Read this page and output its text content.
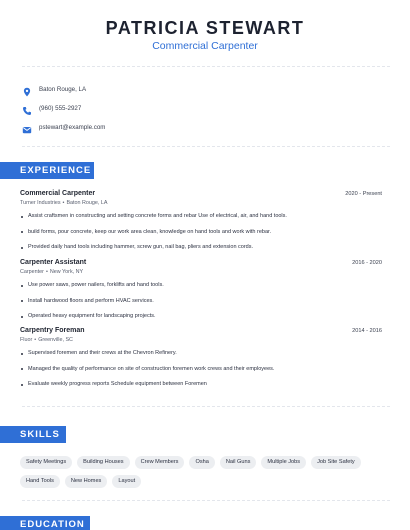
PATRICIA STEWART
Commercial Carpenter
Baton Rouge, LA
(960) 555-2927
pstewart@example.com
EXPERIENCE
Commercial Carpenter	2020 - Present
Turner Industries • Baton Rouge, LA
Assist craftsmen in constructing and setting concrete forms and rebar Use of electrical, air, and hand tools.
build forms, pour concrete, keep our work area clean, knowledge on hand tools and work with rebar.
Provided daily hand tools including hammer, screw gun, nail bag, pliers and extension cords.
Carpenter Assistant	2016 - 2020
Carpenter • New York, NY
Use power saws, power nailers, forklifts and hand tools.
Install hardwood floors and perform HVAC services.
Operated heavy equipment for landscaping projects.
Carpentry Foreman	2014 - 2016
Fluor • Greenville, SC
Supervised foremen and their crews at the Chevron Refinery.
Managed the quality of performance on site of construction foremen work crews and their employees.
Evaluate weekly progress reports Schedule equipment between Foremen
SKILLS
Safety Meetings	Building Houses	Crew Members	Osha	Nail Guns	Multiple Jobs	Job Site Safety
Hand Tools	New Homes	Layout
EDUCATION
